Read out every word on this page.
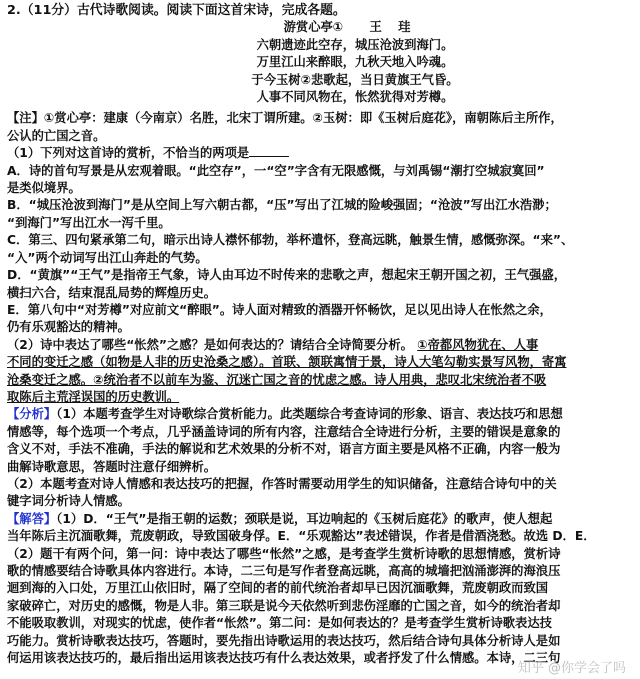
2.（11分）古代诗歌阅读。阅读下面这首宋诗，完成各题。
游赏心亭① 王 珪
六朝遗迹此空存，城压沧波到海门。
万里江山来醉眼，九秋天地入吟魂。
于今玉树②悲歌起，当日黄旗王气昏。
人事不同风物在，怅然犹得对芳樽。
【注】①赏心亭：建康（今南京）名胜，北宋丁谓所建。②玉树：即《玉树后庭花》，南朝陈后主所作，
公认的亡国之音。
（1）下列对这首诗的赏析，不恰当的两项是
A．诗的首句写景是从宏观着眼。“此空存”，一“空”字含有无限感慨，与刘禹锡“潮打空城寂寞回”
是类似境界。
B．“城压沧波到海门”是从空间上写六朝古都，“压”写出了江城的险峻强固；“沧波”写出江水浩渺；
“到海门”写出江水一泻千里。
C．第三、四句紧承第二句，暗示出诗人襟怀郁勃，举杯遣怀，登高远眺，触景生情，感慨弥深。“来”、
“入”两个动词写出江山奔赴的气势。
D．“黄旗”“王气”是指帝王气象，诗人由耳边不时传来的悲歌之声，想起宋王朝开国之初，王气强盛，
横扫六合，结束混乱局势的辉煌历史。
E．第八句中“对芳樽”对应前文“醉眼”。诗人面对精致的酒器开怀畅饮，足以见出诗人在怅然之余，
仍有乐观豁达的精神。
（2）诗中表达了哪些“怅然”之感？是如何表达的？请结合全诗简要分析。 ①帝都风物犹在、人事
不同的变迁之感（如物是人非的历史沧桑之感）。首联、颔联寓情于景，诗人大笔勾勒实景写风物，寄寓
沧桑变迁之感。②统治者不以前车为鉴、沉迷亡国之音的忧虑之感。诗人用典，悲叹北宋统治者不吸
取陈后主荒淫误国的历史教训。
【分析】（1）本题考查学生对诗歌综合赏析能力。此类题综合考查诗词的形象、语言、表达技巧和思想
情感等，每个选项一个考点，几乎涵盖诗词的所有内容，注意结合全诗进行分析，主要的错误是意象的
含义不对，手法不准确，手法的解说和艺术效果的分析不对，语言方面主要是风格不正确，内容一般为
曲解诗歌意思，答题时注意仔细辨析。
（2）本题考查对诗人情感和表达技巧的把握，作答时需要动用学生的知识储备，注意结合诗句中的关
键字词分析诗人情感。
【解答】（1）D．“王气”是指王朝的运数；颈联是说，耳边响起的《玉树后庭花》的歌声，使人想起
当年陈后主沉湎歌舞，荒废朝政，导致国破身俘。E．“乐观豁达”表述错误，作者是借酒浇愁。故选 D．E．
（2）题干有两个问，第一问：诗中表达了哪些“怅然”之感，是考查学生赏析诗歌的思想情感，赏析诗
歌的情感要结合诗歌具体内容进行。本诗，二三句是写作者登高远眺，高高的城墙把汹涌澎湃的海浪压
迴到海的入口处，万里江山依旧时，隔了空间的者的前代统治者却早已因沉湎歌舞，荒废朝政而致国
家破碎亡，对历史的感慨，物是人非。第三联是说今天依然听到悲伤淫靡的亡国之音，如今的统治者却
不能吸取教训，对现实的忧虑，使作者“怅然”。第二问：是如何表达的？是考查学生赏析诗歌表达技
巧能力。赏析诗歌表达技巧，答题时，要先指出诗歌运用的表达技巧，然后结合诗句具体分析诗人是如
何运用该表达技巧的，最后指出运用该表达技巧有什么表达效果，或者抒发了什么情感。本诗，二三句
知乎 @你学会了吗
